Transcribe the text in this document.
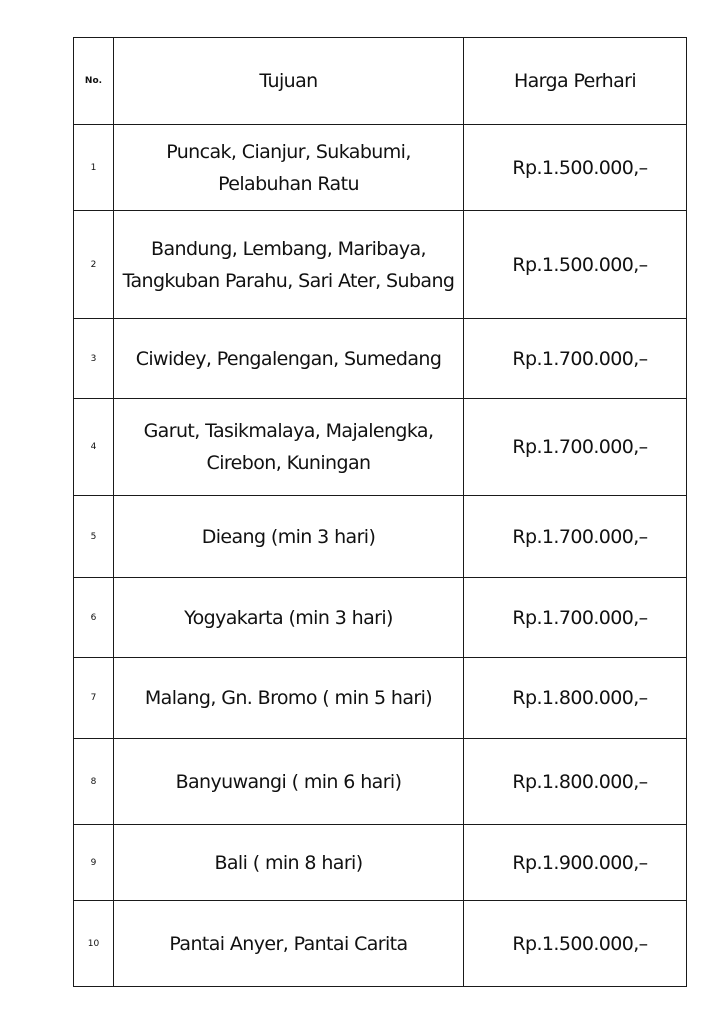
No.	Tujuan	Harga Perhari
1	Puncak, Cianjur, Sukabumi,
Pelabuhan Ratu	Rp.1.500.000,–
2	Bandung, Lembang, Maribaya,
Tangkuban Parahu, Sari Ater, Subang	Rp.1.500.000,–
3	Ciwidey, Pengalengan, Sumedang	Rp.1.700.000,–
4	Garut, Tasikmalaya, Majalengka,
Cirebon, Kuningan	Rp.1.700.000,–
5	Dieang (min 3 hari)	Rp.1.700.000,–
6	Yogyakarta (min 3 hari)	Rp.1.700.000,–
7	Malang, Gn. Bromo ( min 5 hari)	Rp.1.800.000,–
8	Banyuwangi ( min 6 hari)	Rp.1.800.000,–
9	Bali ( min 8 hari)	Rp.1.900.000,–
10	Pantai Anyer, Pantai Carita	Rp.1.500.000,–
